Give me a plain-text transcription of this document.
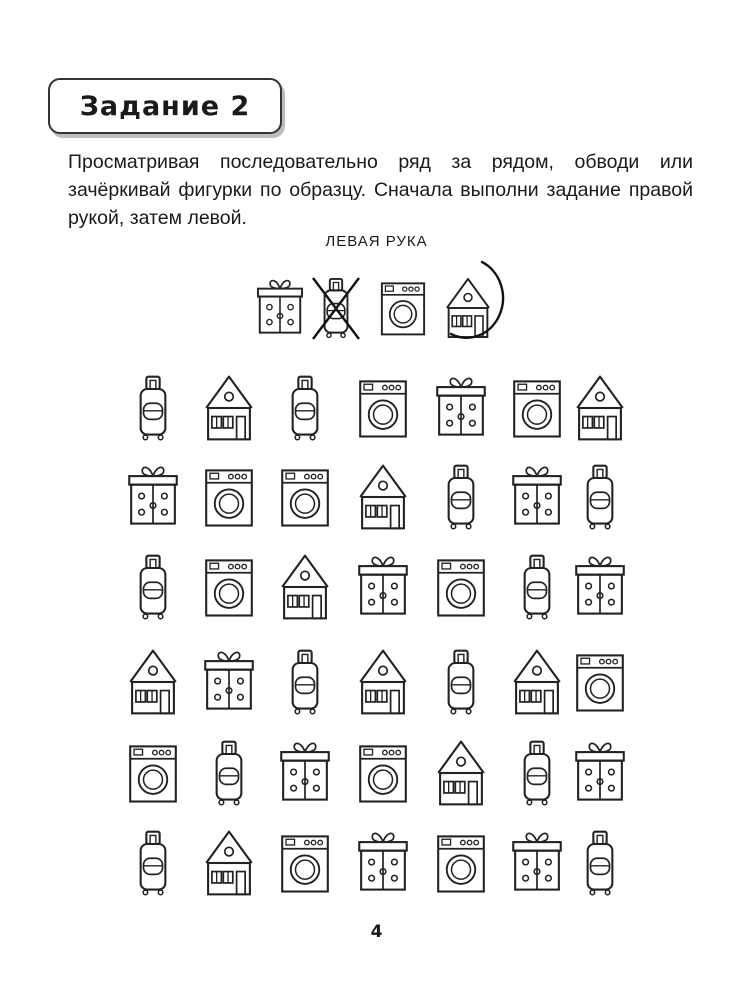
Задание 2

Просматривая последовательно ряд за рядом, обводи или зачёркивай фигурки по образцу. Сначала выполни задание правой рукой, затем левой.

ЛЕВАЯ РУКА
4
